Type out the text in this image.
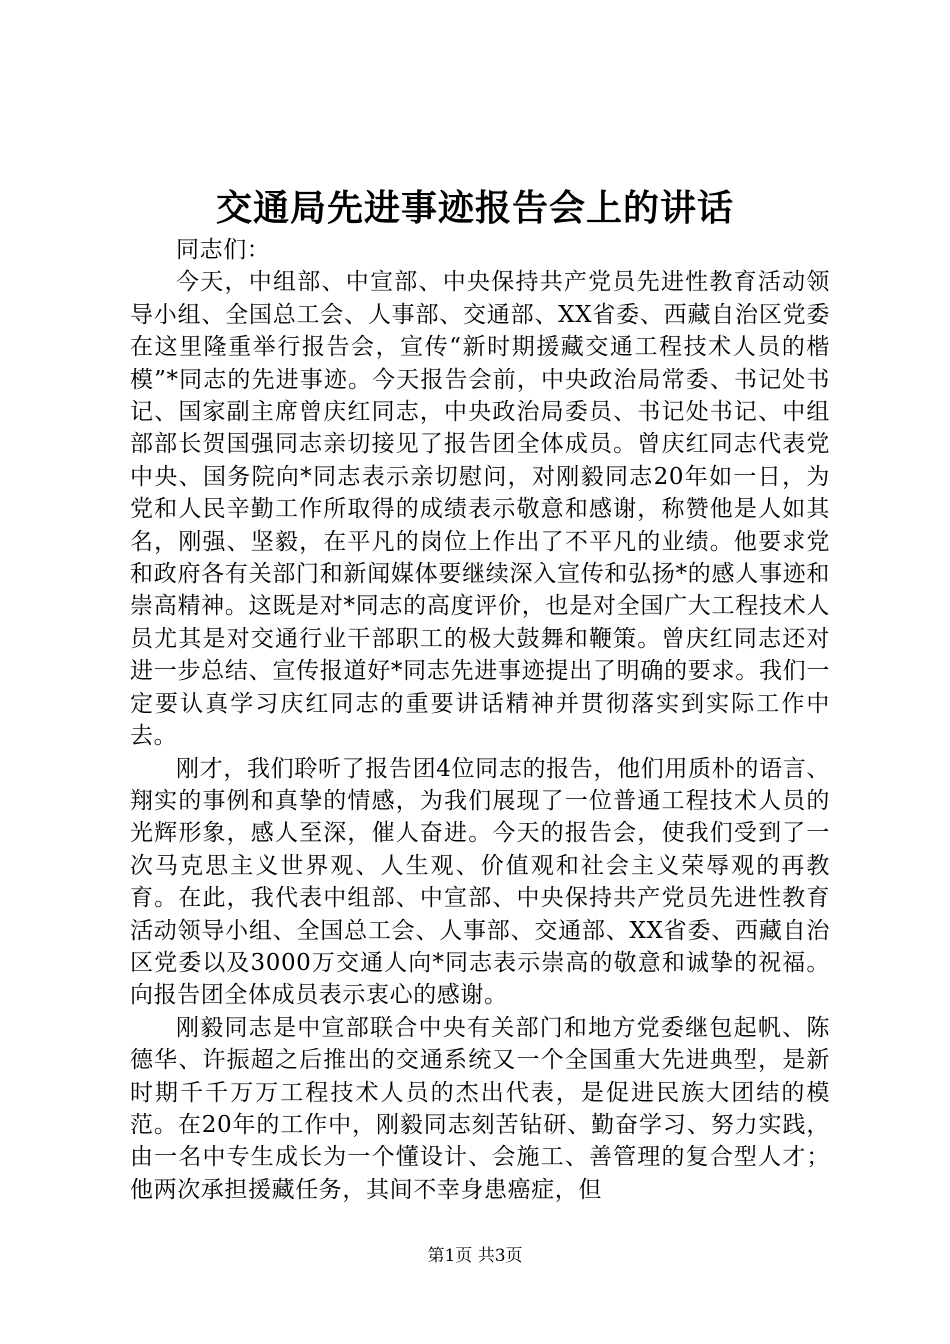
交通局先进事迹报告会上的讲话

同志们：

今天，中组部、中宣部、中央保持共产党员先进性教育活动领导小组、全国总工会、人事部、交通部、XX省委、西藏自治区党委在这里隆重举行报告会，宣传“新时期援藏交通工程技术人员的楷模”*同志的先进事迹。今天报告会前，中央政治局常委、书记处书记、国家副主席曾庆红同志，中央政治局委员、书记处书记、中组部部长贺国强同志亲切接见了报告团全体成员。曾庆红同志代表党中央、国务院向*同志表示亲切慰问，对刚毅同志20年如一日，为党和人民辛勤工作所取得的成绩表示敬意和感谢，称赞他是人如其名，刚强、坚毅，在平凡的岗位上作出了不平凡的业绩。他要求党和政府各有关部门和新闻媒体要继续深入宣传和弘扬*的感人事迹和崇高精神。这既是对*同志的高度评价，也是对全国广大工程技术人员尤其是对交通行业干部职工的极大鼓舞和鞭策。曾庆红同志还对进一步总结、宣传报道好*同志先进事迹提出了明确的要求。我们一定要认真学习庆红同志的重要讲话精神并贯彻落实到实际工作中去。

刚才，我们聆听了报告团4位同志的报告，他们用质朴的语言、翔实的事例和真挚的情感，为我们展现了一位普通工程技术人员的光辉形象，感人至深，催人奋进。今天的报告会，使我们受到了一次马克思主义世界观、人生观、价值观和社会主义荣辱观的再教育。在此，我代表中组部、中宣部、中央保持共产党员先进性教育活动领导小组、全国总工会、人事部、交通部、XX省委、西藏自治区党委以及3000万交通人向*同志表示崇高的敬意和诚挚的祝福。向报告团全体成员表示衷心的感谢。

刚毅同志是中宣部联合中央有关部门和地方党委继包起帆、陈德华、许振超之后推出的交通系统又一个全国重大先进典型，是新时期千千万万工程技术人员的杰出代表，是促进民族大团结的模范。在20年的工作中，刚毅同志刻苦钻研、勤奋学习、努力实践，由一名中专生成长为一个懂设计、会施工、善管理的复合型人才；他两次承担援藏任务，其间不幸身患癌症，但

第1页 共3页
